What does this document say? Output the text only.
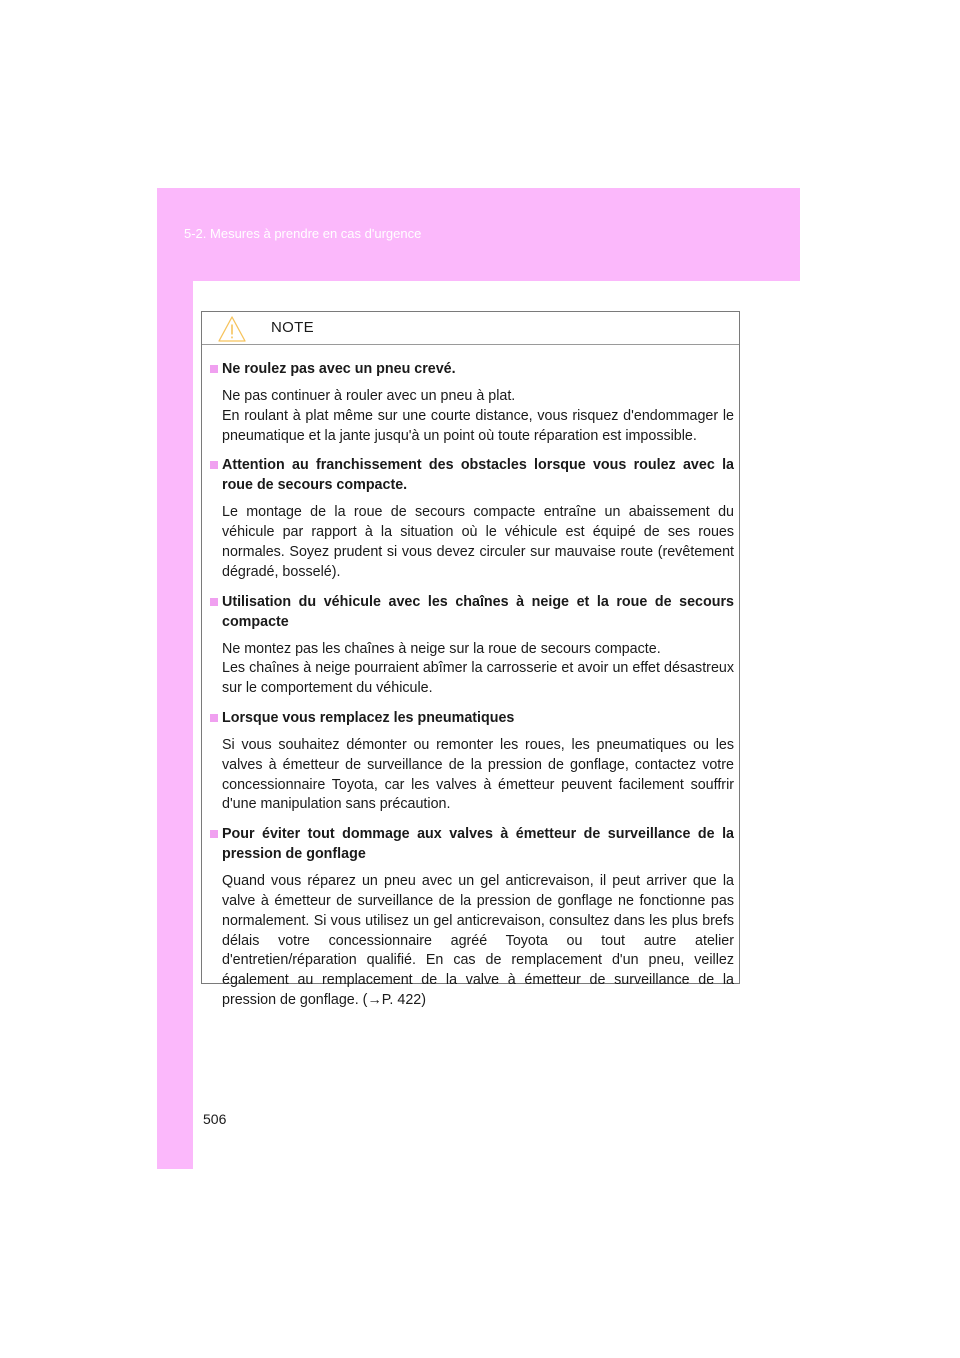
5-2. Mesures à prendre en cas d'urgence
NOTE
Ne roulez pas avec un pneu crevé.

Ne pas continuer à rouler avec un pneu à plat.

En roulant à plat même sur une courte distance, vous risquez d'endommager le pneumatique et la jante jusqu'à un point où toute réparation est impossible.

Attention au franchissement des obstacles lorsque vous roulez avec la roue de secours compacte.

Le montage de la roue de secours compacte entraîne un abaissement du véhicule par rapport à la situation où le véhicule est équipé de ses roues normales. Soyez prudent si vous devez circuler sur mauvaise route (revêtement dégradé, bosselé).

Utilisation du véhicule avec les chaînes à neige et la roue de secours compacte

Ne montez pas les chaînes à neige sur la roue de secours compacte.

Les chaînes à neige pourraient abîmer la carrosserie et avoir un effet désastreux sur le comportement du véhicule.

Lorsque vous remplacez les pneumatiques

Si vous souhaitez démonter ou remonter les roues, les pneumatiques ou les valves à émetteur de surveillance de la pression de gonflage, contactez votre concessionnaire Toyota, car les valves à émetteur peuvent facilement souffrir d'une manipulation sans précaution.

Pour éviter tout dommage aux valves à émetteur de surveillance de la pression de gonflage

Quand vous réparez un pneu avec un gel anticrevaison, il peut arriver que la valve à émetteur de surveillance de la pression de gonflage ne fonctionne pas normalement. Si vous utilisez un gel anticrevaison, consultez dans les plus brefs délais votre concessionnaire agréé Toyota ou tout autre atelier d'entretien/réparation qualifié. En cas de remplacement d'un pneu, veillez également au remplacement de la valve à émetteur de surveillance de la pression de gonflage. (→P. 422)

506
